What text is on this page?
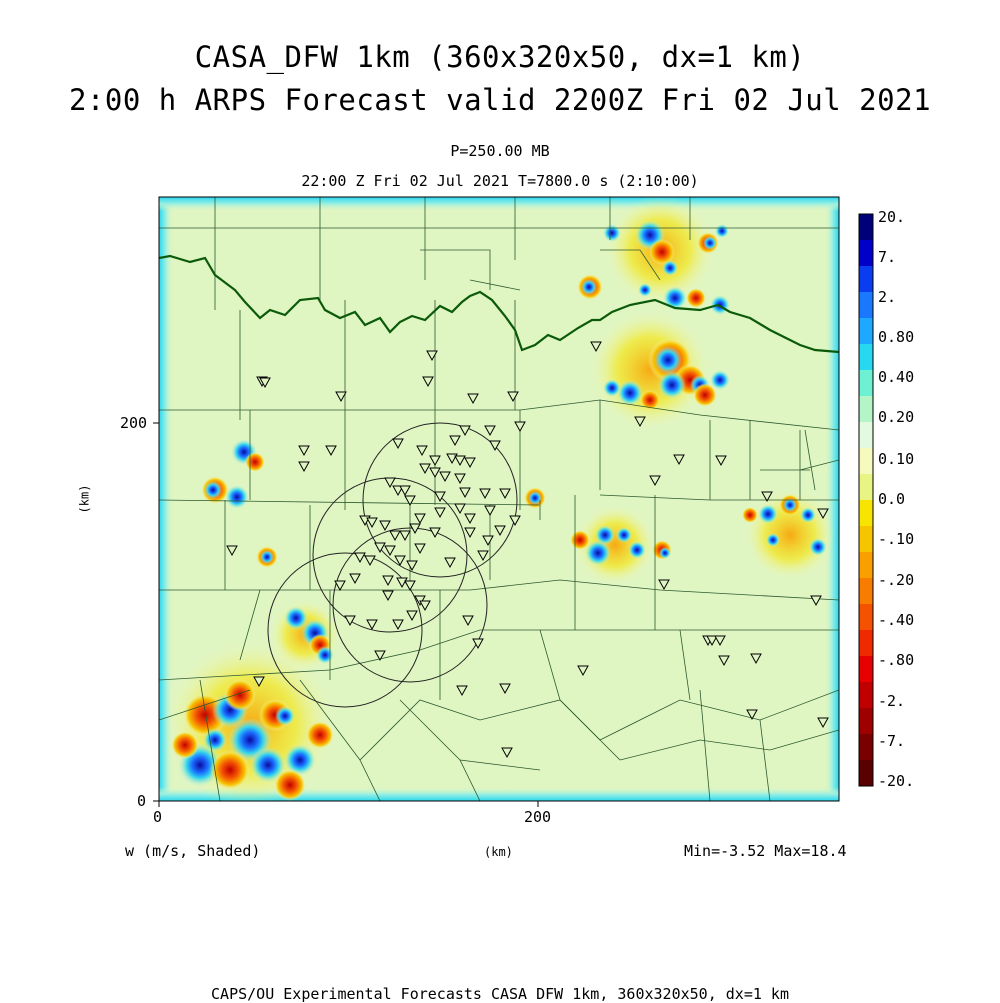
CASA_DFW 1km (360x320x50, dx=1 km)
2:00 h ARPS Forecast valid 2200Z Fri 02 Jul 2021
P=250.00 MB
22:00 Z Fri 02 Jul 2021 T=7800.0 s (2:10:00)
0	200
0
200
(km)
(km)
20.
7.
2.
0.80
0.40
0.20
0.10
0.0
-.10
-.20
-.40
-.80
-2.
-7.
-20.
w (m/s, Shaded)	Min=-3.52 Max=18.4
CAPS/OU Experimental Forecasts CASA DFW 1km, 360x320x50, dx=1 km
